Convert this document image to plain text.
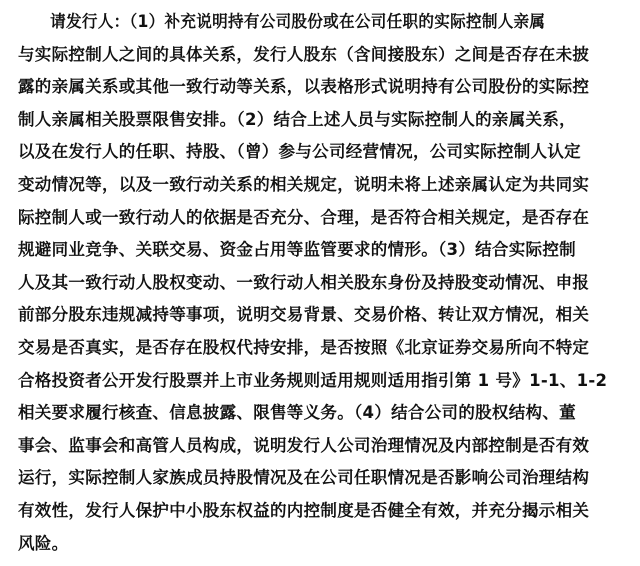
请发行人：（1）补充说明持有公司股份或在公司任职的实际控制人亲属
与实际控制人之间的具体关系，发行人股东（含间接股东）之间是否存在未披
露的亲属关系或其他一致行动等关系，以表格形式说明持有公司股份的实际控
制人亲属相关股票限售安排。（2）结合上述人员与实际控制人的亲属关系，
以及在发行人的任职、持股、（曾）参与公司经营情况，公司实际控制人认定
变动情况等，以及一致行动关系的相关规定，说明未将上述亲属认定为共同实
际控制人或一致行动人的依据是否充分、合理，是否符合相关规定，是否存在
规避同业竞争、关联交易、资金占用等监管要求的情形。（3）结合实际控制
人及其一致行动人股权变动、一致行动人相关股东身份及持股变动情况、申报
前部分股东违规减持等事项，说明交易背景、交易价格、转让双方情况，相关
交易是否真实，是否存在股权代持安排，是否按照《北京证券交易所向不特定
合格投资者公开发行股票并上市业务规则适用规则适用指引第 1 号》1-1、1-2
相关要求履行核查、信息披露、限售等义务。（4）结合公司的股权结构、董
事会、监事会和高管人员构成，说明发行人公司治理情况及内部控制是否有效
运行，实际控制人家族成员持股情况及在公司任职情况是否影响公司治理结构
有效性，发行人保护中小股东权益的内控制度是否健全有效，并充分揭示相关
风险。
